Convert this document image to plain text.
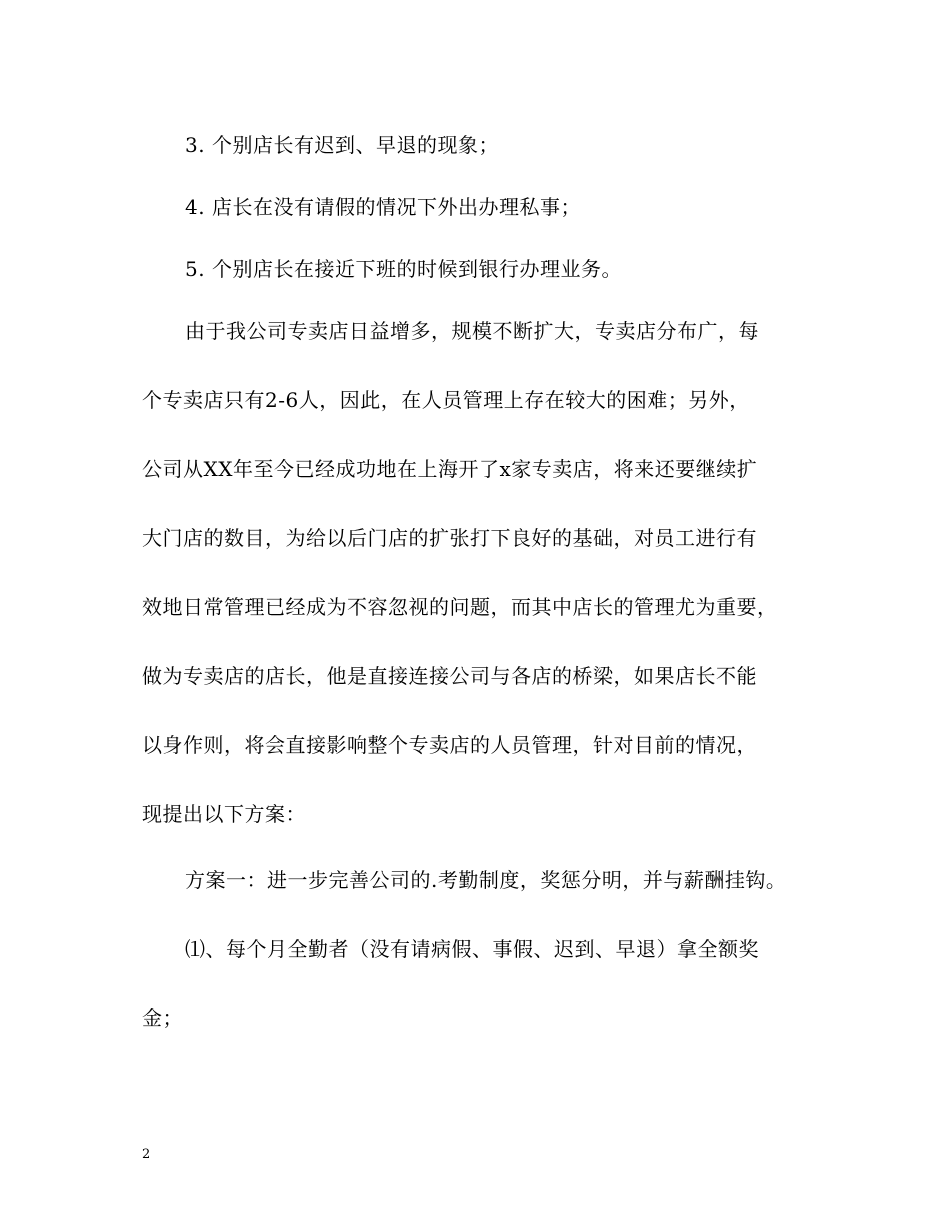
3. 个别店长有迟到、早退的现象；
4. 店长在没有请假的情况下外出办理私事；
5. 个别店长在接近下班的时候到银行办理业务。
由于我公司专卖店日益增多，规模不断扩大，专卖店分布广，每
个专卖店只有2-6人，因此，在人员管理上存在较大的困难；另外，
公司从XX年至今已经成功地在上海开了x家专卖店，将来还要继续扩
大门店的数目，为给以后门店的扩张打下良好的基础，对员工进行有
效地日常管理已经成为不容忽视的问题，而其中店长的管理尤为重要，
做为专卖店的店长，他是直接连接公司与各店的桥梁，如果店长不能
以身作则，将会直接影响整个专卖店的人员管理，针对目前的情况，
现提出以下方案：
方案一：进一步完善公司的.考勤制度，奖惩分明，并与薪酬挂钩。
⑴、每个月全勤者（没有请病假、事假、迟到、早退）拿全额奖
金；
2
